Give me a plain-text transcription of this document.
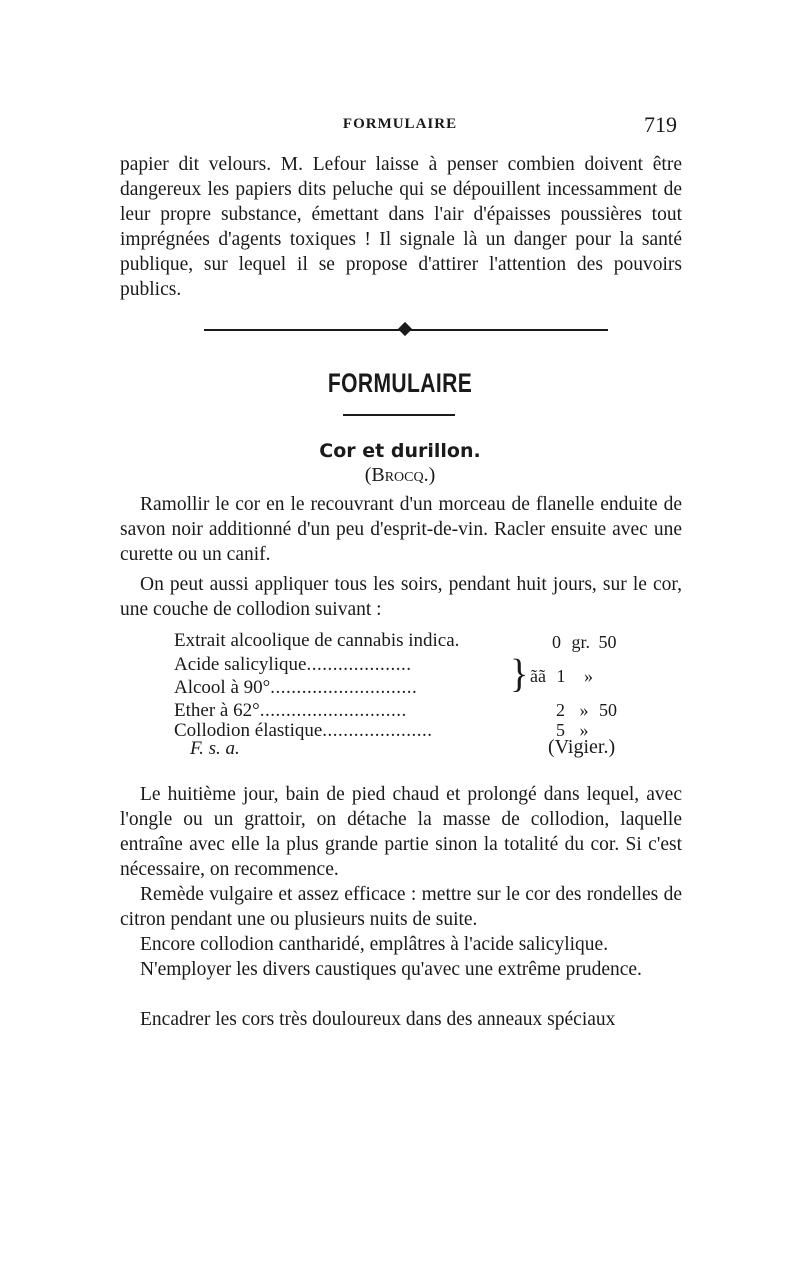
FORMULAIRE	719

papier dit velours. M. Lefour laisse à penser combien doivent être dangereux les papiers dits peluche qui se dépouillent incessamment de leur propre substance, émettant dans l'air d'épaisses poussières tout imprégnées d'agents toxiques ! Il signale là un danger pour la santé publique, sur lequel il se propose d'attirer l'attention des pouvoirs publics.

FORMULAIRE
Cor et durillon.
(Brocq.)

Ramollir le cor en le recouvrant d'un morceau de flanelle enduite de savon noir additionné d'un peu d'esprit-de-vin. Racler ensuite avec une curette ou un canif.

On peut aussi appliquer tous les soirs, pendant huit jours, sur le cor, une couche de collodion suivant :

Extrait alcoolique de cannabis indica.	0 gr. 50
Acide salicylique....................
Alcool à 90°............................ } ãã 1 »
Ether à 62°............................	2 » 50
Collodion élastique.....................	5 »
F. s. a.	(Vigier.)

Le huitième jour, bain de pied chaud et prolongé dans lequel, avec l'ongle ou un grattoir, on détache la masse de collodion, laquelle entraîne avec elle la plus grande partie sinon la totalité du cor. Si c'est nécessaire, on recommence.

Remède vulgaire et assez efficace : mettre sur le cor des rondelles de citron pendant une ou plusieurs nuits de suite.

Encore collodion cantharidé, emplâtres à l'acide salicylique.

N'employer les divers caustiques qu'avec une extrême prudence.

Encadrer les cors très douloureux dans des anneaux spéciaux
